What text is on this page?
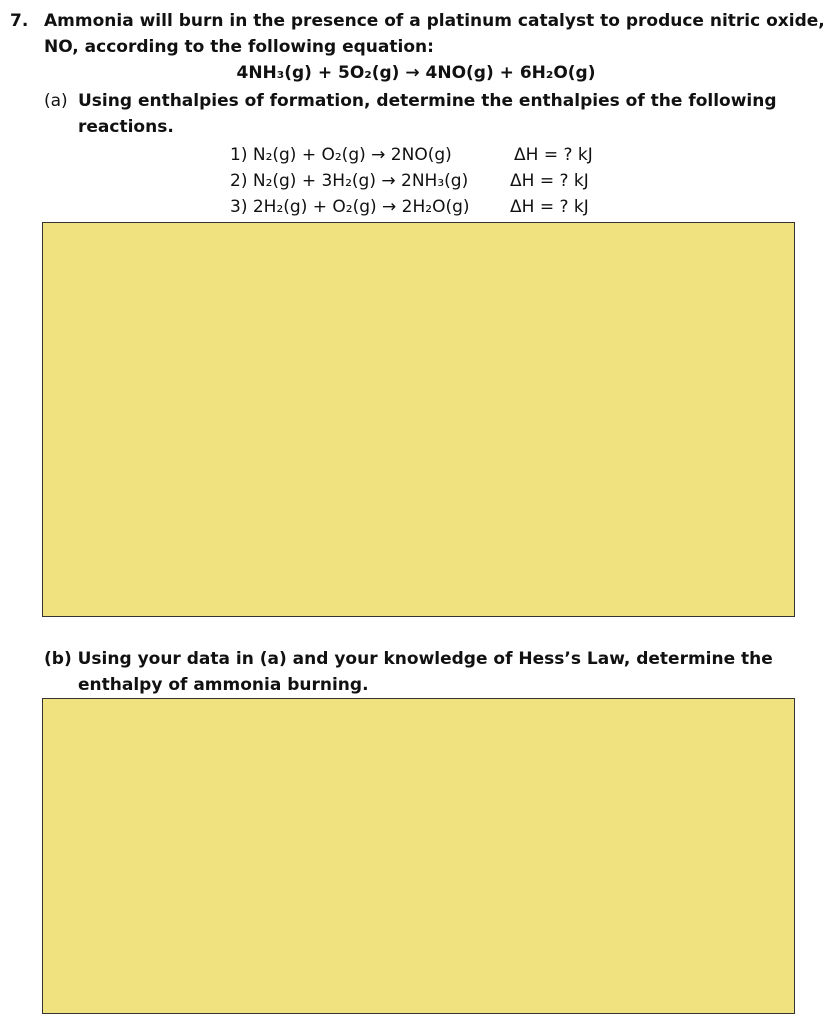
7. Ammonia will burn in the presence of a platinum catalyst to produce nitric oxide,
NO, according to the following equation:
4NH₃(g) + 5O₂(g) → 4NO(g) + 6H₂O(g)
(a) Using enthalpies of formation, determine the enthalpies of the following
reactions.
1) N₂(g) + O₂(g) → 2NO(g)	ΔH = ? kJ
2) N₂(g) + 3H₂(g) → 2NH₃(g) ΔH = ? kJ
3) 2H₂(g) + O₂(g) → 2H₂O(g) ΔH = ? kJ
(b) Using your data in (a) and your knowledge of Hess’s Law, determine the
enthalpy of ammonia burning.
